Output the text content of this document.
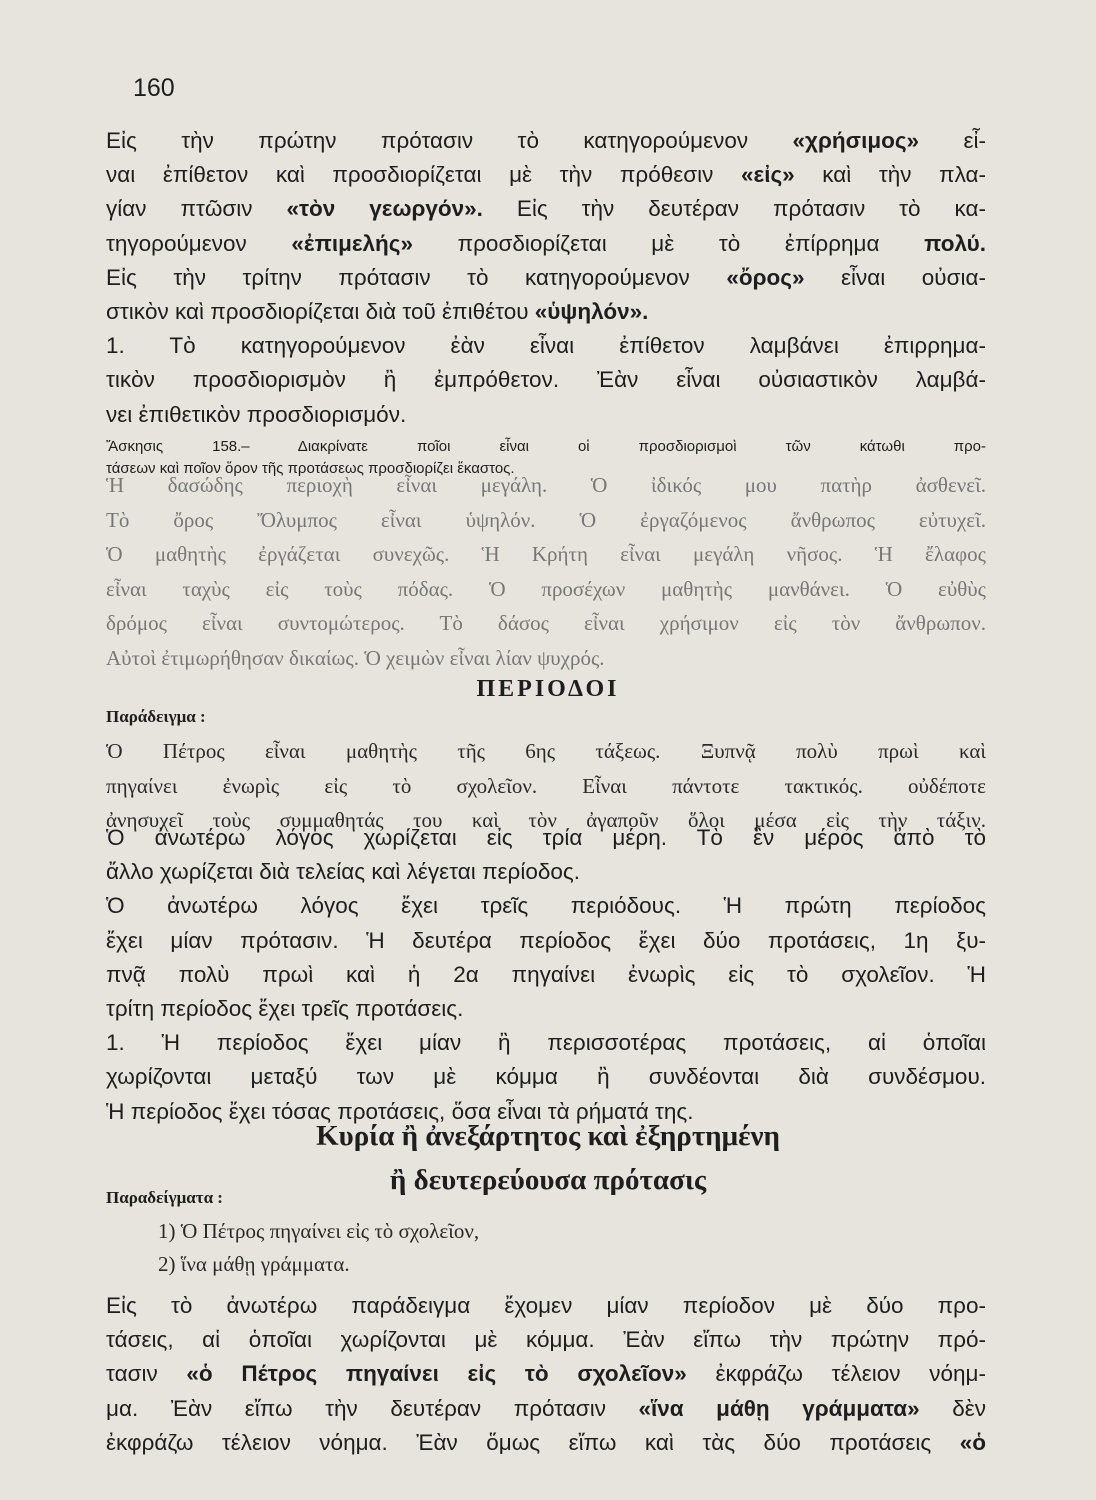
160
Εἰς τὴν πρώτην πρότασιν τὸ κατηγορούμενον «χρήσιμος» εἶ-
ναι ἐπίθετον καὶ προσδιορίζεται μὲ τὴν πρόθεσιν «εἰς» καὶ τὴν πλα-
γίαν πτῶσιν «τὸν γεωργόν». Εἰς τὴν δευτέραν πρότασιν τὸ κα-
τηγορούμενον «ἐπιμελής» προσδιορίζεται μὲ τὸ ἐπίρρημα πολύ.
Εἰς τὴν τρίτην πρότασιν τὸ κατηγορούμενον «ὄρος» εἶναι οὐσια-
στικὸν καὶ προσδιορίζεται διὰ τοῦ ἐπιθέτου «ὑψηλόν».
1. Τὸ κατηγορούμενον ἐὰν εἶναι ἐπίθετον λαμβάνει ἐπιρρημα-
τικὸν προσδιορισμὸν ἢ ἐμπρόθετον. Ἐὰν εἶναι οὐσιαστικὸν λαμβά-
νει ἐπιθετικὸν προσδιορισμόν.
Ἄσκησις 158.– Διακρίνατε ποῖοι εἶναι οἱ προσδιορισμοὶ τῶν κάτωθι προ-
τάσεων καὶ ποῖον ὅρον τῆς προτάσεως προσδιορίζει ἕκαστος.
Ἡ δασώδης περιοχὴ εἶναι μεγάλη. Ὁ ἰδικός μου πατὴρ ἀσθενεῖ.
Τὸ ὄρος Ὄλυμπος εἶναι ὑψηλόν. Ὁ ἐργαζόμενος ἄνθρωπος εὐτυχεῖ.
Ὁ μαθητὴς ἐργάζεται συνεχῶς. Ἡ Κρήτη εἶναι μεγάλη νῆσος. Ἡ ἔλαφος
εἶναι ταχὺς εἰς τοὺς πόδας. Ὁ προσέχων μαθητὴς μανθάνει. Ὁ εὐθὺς
δρόμος εἶναι συντομώτερος. Τὸ δάσος εἶναι χρήσιμον εἰς τὸν ἄνθρωπον.
Αὐτοὶ ἐτιμωρήθησαν δικαίως. Ὁ χειμὼν εἶναι λίαν ψυχρός.
ΠΕΡΙΟΔΟΙ
Παράδειγμα :
Ὁ Πέτρος εἶναι μαθητὴς τῆς 6ης τάξεως. Ξυπνᾷ πολὺ πρωὶ καὶ
πηγαίνει ἐνωρὶς εἰς τὸ σχολεῖον. Εἶναι πάντοτε τακτικός. οὐδέποτε
ἀνησυχεῖ τοὺς συμμαθητάς του καὶ τὸν ἀγαποῦν ὅλοι μέσα εἰς τὴν τάξιν.
Ὁ ἀνωτέρω λόγος χωρίζεται εἰς τρία μέρη. Τὸ ἓν μέρος ἀπὸ τὸ
ἄλλο χωρίζεται διὰ τελείας καὶ λέγεται περίοδος.
Ὁ ἀνωτέρω λόγος ἔχει τρεῖς περιόδους. Ἡ πρώτη περίοδος
ἔχει μίαν πρότασιν. Ἡ δευτέρα περίοδος ἔχει δύο προτάσεις, 1η ξυ-
πνᾷ πολὺ πρωὶ καὶ ἡ 2α πηγαίνει ἐνωρὶς εἰς τὸ σχολεῖον. Ἡ
τρίτη περίοδος ἔχει τρεῖς προτάσεις.
1. Ἡ περίοδος ἔχει μίαν ἢ περισσοτέρας προτάσεις, αἱ ὁποῖαι
χωρίζονται μεταξύ των μὲ κόμμα ἢ συνδέονται διὰ συνδέσμου.
Ἡ περίοδος ἔχει τόσας προτάσεις, ὅσα εἶναι τὰ ρήματά της.
Κυρία ἢ ἀνεξάρτητος καὶ ἐξηρτημένη
ἢ δευτερεύουσα πρότασις
Παραδείγματα :
1) Ὁ Πέτρος πηγαίνει εἰς τὸ σχολεῖον,
2) ἵνα μάθῃ γράμματα.
Εἰς τὸ ἀνωτέρω παράδειγμα ἔχομεν μίαν περίοδον μὲ δύο προ-
τάσεις, αἱ ὁποῖαι χωρίζονται μὲ κόμμα. Ἐὰν εἴπω τὴν πρώτην πρό-
τασιν «ὁ Πέτρος πηγαίνει εἰς τὸ σχολεῖον» ἐκφράζω τέλειον νόημ-
μα. Ἐὰν εἴπω τὴν δευτέραν πρότασιν «ἵνα μάθῃ γράμματα» δὲν
ἐκφράζω τέλειον νόημα. Ἐὰν ὅμως εἴπω καὶ τὰς δύο προτάσεις «ὁ
